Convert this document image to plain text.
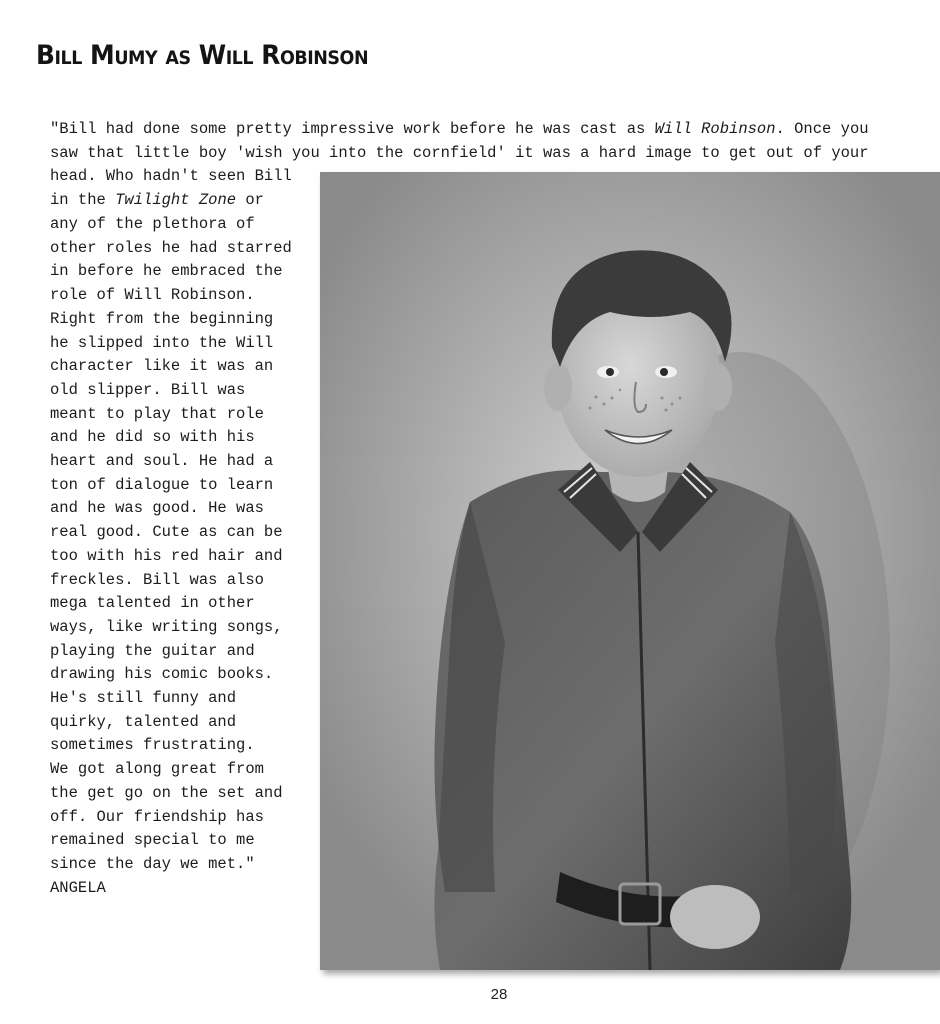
Bill Mumy as Will Robinson

"Bill had done some pretty impressive work before he was cast as Will Robinson. Once you

saw that little boy 'wish you into the cornfield' it was a hard image to get out of your

head. Who hadn't seen Bill

in the Twilight Zone or

any of the plethora of

other roles he had starred

in before he embraced the

role of Will Robinson.

Right from the beginning

he slipped into the Will

character like it was an

old slipper. Bill was

meant to play that role

and he did so with his

heart and soul. He had a

ton of dialogue to learn

and he was good. He was

real good. Cute as can be

too with his red hair and

freckles. Bill was also

mega talented in other

ways, like writing songs,

playing the guitar and

drawing his comic books.

He's still funny and

quirky, talented and

sometimes frustrating.

We got along great from

the get go on the set and

off. Our friendship has

remained special to me

since the day we met."

ANGELA

28
